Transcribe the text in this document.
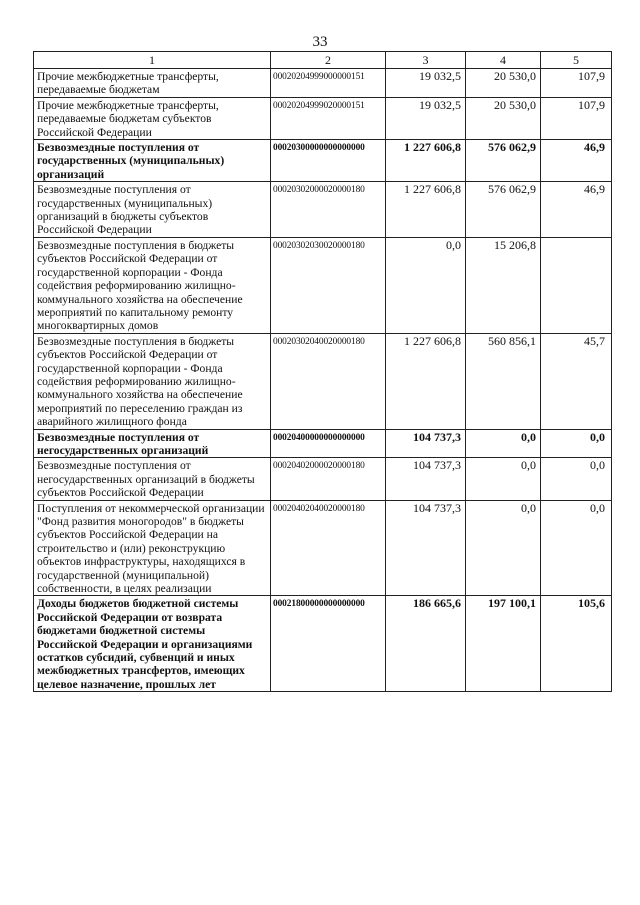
33
1	2	3	4	5
Прочие межбюджетные трансферты, передаваемые бюджетам	00020204999000000151	19 032,5	20 530,0	107,9
Прочие межбюджетные трансферты, передаваемые бюджетам субъектов Российской Федерации	00020204999020000151	19 032,5	20 530,0	107,9
Безвозмездные поступления от государственных (муниципальных) организаций	00020300000000000000	1 227 606,8	576 062,9	46,9
Безвозмездные поступления от государственных (муниципальных) организаций в бюджеты субъектов Российской Федерации	00020302000020000180	1 227 606,8	576 062,9	46,9
Безвозмездные поступления в бюджеты субъектов Российской Федерации от государственной корпорации - Фонда содействия реформированию жилищно-коммунального хозяйства на обеспечение мероприятий по капитальному ремонту многоквартирных домов	00020302030020000180	0,0	15 206,8	
Безвозмездные поступления в бюджеты субъектов Российской Федерации от государственной корпорации - Фонда содействия реформированию жилищно-коммунального хозяйства на обеспечение мероприятий по переселению граждан из аварийного жилищного фонда	00020302040020000180	1 227 606,8	560 856,1	45,7
Безвозмездные поступления от негосударственных организаций	00020400000000000000	104 737,3	0,0	0,0
Безвозмездные поступления от негосударственных организаций в бюджеты субъектов Российской Федерации	00020402000020000180	104 737,3	0,0	0,0
Поступления от некоммерческой организации "Фонд развития моногородов" в бюджеты субъектов Российской Федерации на строительство и (или) реконструкцию объектов инфраструктуры, находящихся в государственной (муниципальной) собственности, в целях реализации	00020402040020000180	104 737,3	0,0	0,0
Доходы бюджетов бюджетной системы Российской Федерации от возврата бюджетами бюджетной системы Российской Федерации и организациями остатков субсидий, субвенций и иных межбюджетных трансфертов, имеющих целевое назначение, прошлых лет	00021800000000000000	186 665,6	197 100,1	105,6
